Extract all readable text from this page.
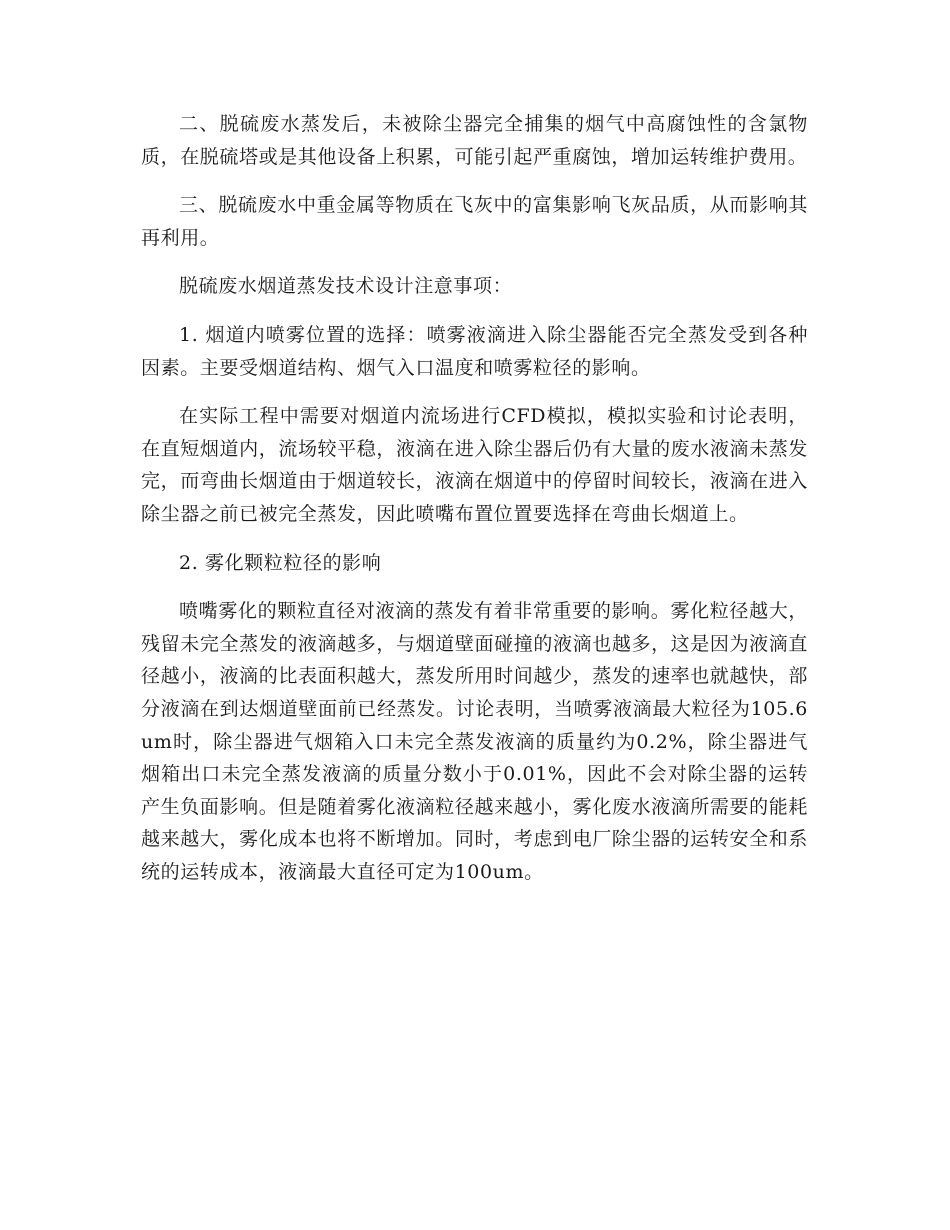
二、脱硫废水蒸发后，未被除尘器完全捕集的烟气中高腐蚀性的含氯物质，在脱硫塔或是其他设备上积累，可能引起严重腐蚀，增加运转维护费用。

三、脱硫废水中重金属等物质在飞灰中的富集影响飞灰品质，从而影响其再利用。

脱硫废水烟道蒸发技术设计注意事项：

1. 烟道内喷雾位置的选择：喷雾液滴进入除尘器能否完全蒸发受到各种因素。主要受烟道结构、烟气入口温度和喷雾粒径的影响。

在实际工程中需要对烟道内流场进行CFD模拟，模拟实验和讨论表明，在直短烟道内，流场较平稳，液滴在进入除尘器后仍有大量的废水液滴未蒸发完，而弯曲长烟道由于烟道较长，液滴在烟道中的停留时间较长，液滴在进入除尘器之前已被完全蒸发，因此喷嘴布置位置要选择在弯曲长烟道上。

2. 雾化颗粒粒径的影响

喷嘴雾化的颗粒直径对液滴的蒸发有着非常重要的影响。雾化粒径越大，残留未完全蒸发的液滴越多，与烟道壁面碰撞的液滴也越多，这是因为液滴直径越小，液滴的比表面积越大，蒸发所用时间越少，蒸发的速率也就越快，部分液滴在到达烟道壁面前已经蒸发。讨论表明，当喷雾液滴最大粒径为105.6um时，除尘器进气烟箱入口未完全蒸发液滴的质量约为0.2%，除尘器进气烟箱出口未完全蒸发液滴的质量分数小于0.01%，因此不会对除尘器的运转产生负面影响。但是随着雾化液滴粒径越来越小，雾化废水液滴所需要的能耗越来越大，雾化成本也将不断增加。同时，考虑到电厂除尘器的运转安全和系统的运转成本，液滴最大直径可定为100um。
